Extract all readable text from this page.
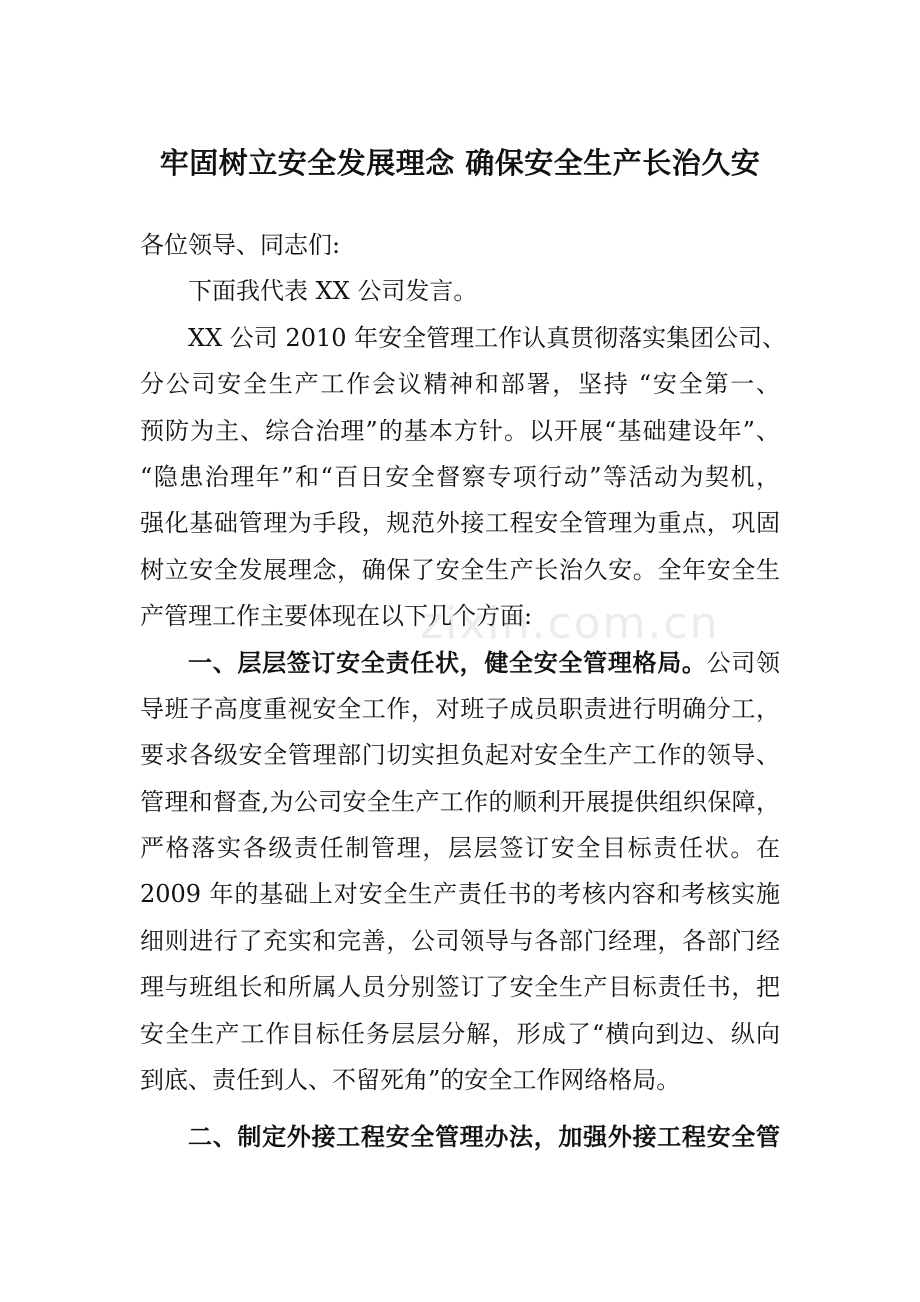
牢固树立安全发展理念 确保安全生产长治久安
各位领导、同志们:
下面我代表 XX 公司发言。
XX 公司 2010 年安全管理工作认真贯彻落实集团公司、
分公司安全生产工作会议精神和部署，坚持 “安全第一、
预防为主、综合治理”的基本方针。以开展“基础建设年”、
“隐患治理年”和“百日安全督察专项行动”等活动为契机，
强化基础管理为手段，规范外接工程安全管理为重点，巩固
树立安全发展理念，确保了安全生产长治久安。全年安全生
产管理工作主要体现在以下几个方面:
一、层层签订安全责任状，健全安全管理格局。公司领
导班子高度重视安全工作，对班子成员职责进行明确分工，
要求各级安全管理部门切实担负起对安全生产工作的领导、
管理和督查,为公司安全生产工作的顺利开展提供组织保障，
严格落实各级责任制管理，层层签订安全目标责任状。在
2009 年的基础上对安全生产责任书的考核内容和考核实施
细则进行了充实和完善，公司领导与各部门经理，各部门经
理与班组长和所属人员分别签订了安全生产目标责任书，把
安全生产工作目标任务层层分解，形成了“横向到边、纵向
到底、责任到人、不留死角”的安全工作网络格局。
二、制定外接工程安全管理办法，加强外接工程安全管
zixin.com.cn
